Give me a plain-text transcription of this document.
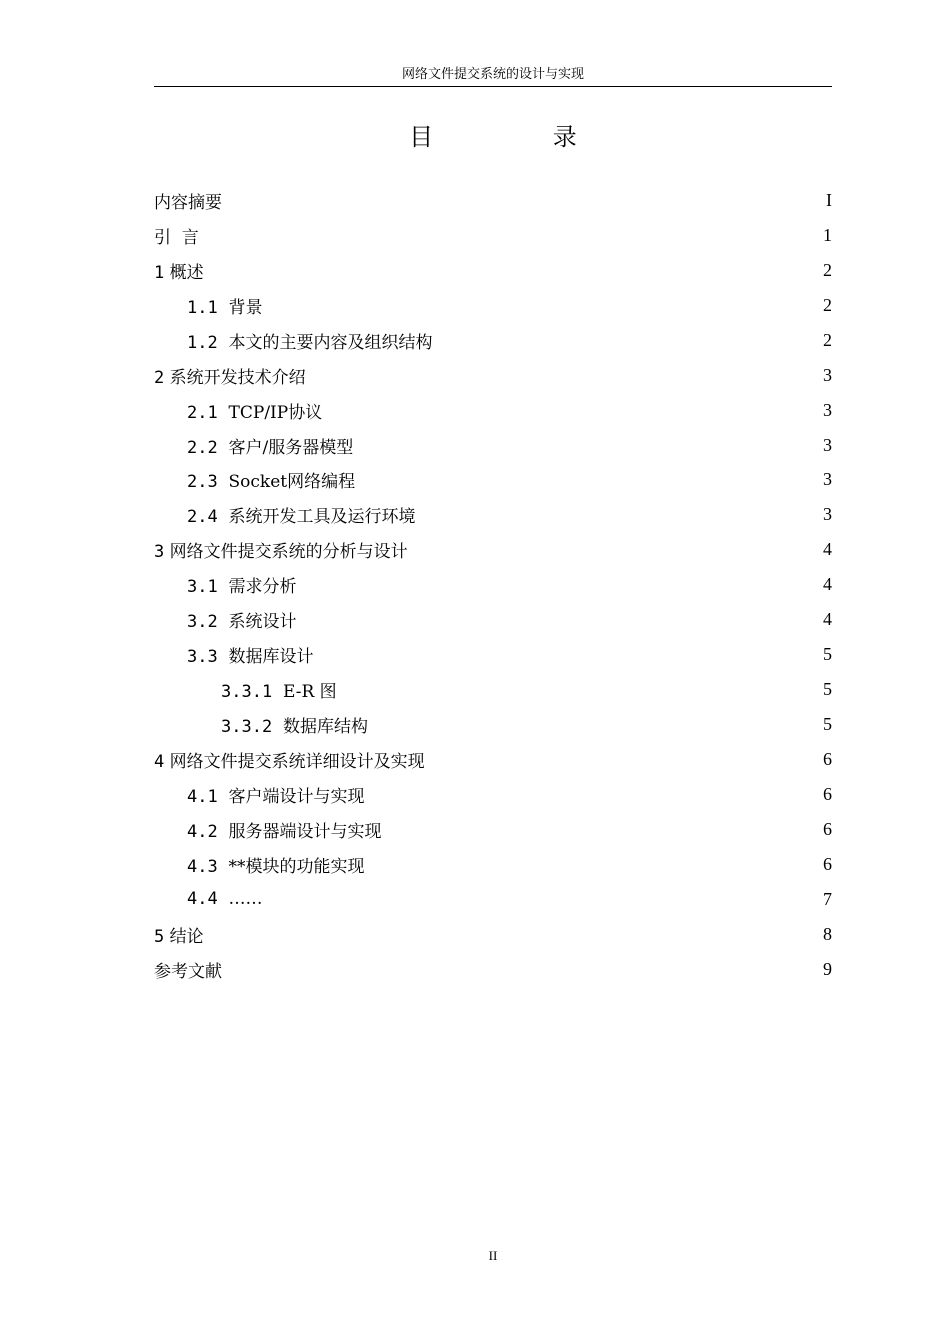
网络文件提交系统的设计与实现
目 录
内容摘要	I
引  言	1
1 概述	2
1.1 背景	2
1.2 本文的主要内容及组织结构	2
2 系统开发技术介绍	3
2.1 TCP/IP协议	3
2.2 客户/服务器模型	3
2.3 Socket网络编程	3
2.4 系统开发工具及运行环境	3
3 网络文件提交系统的分析与设计	4
3.1 需求分析	4
3.2 系统设计	4
3.3 数据库设计	5
3.3.1 E-R 图	5
3.3.2 数据库结构	5
4 网络文件提交系统详细设计及实现	6
4.1 客户端设计与实现	6
4.2 服务器端设计与实现	6
4.3 **模块的功能实现	6
4.4 ……	7
5 结论	8
参考文献	9
II
